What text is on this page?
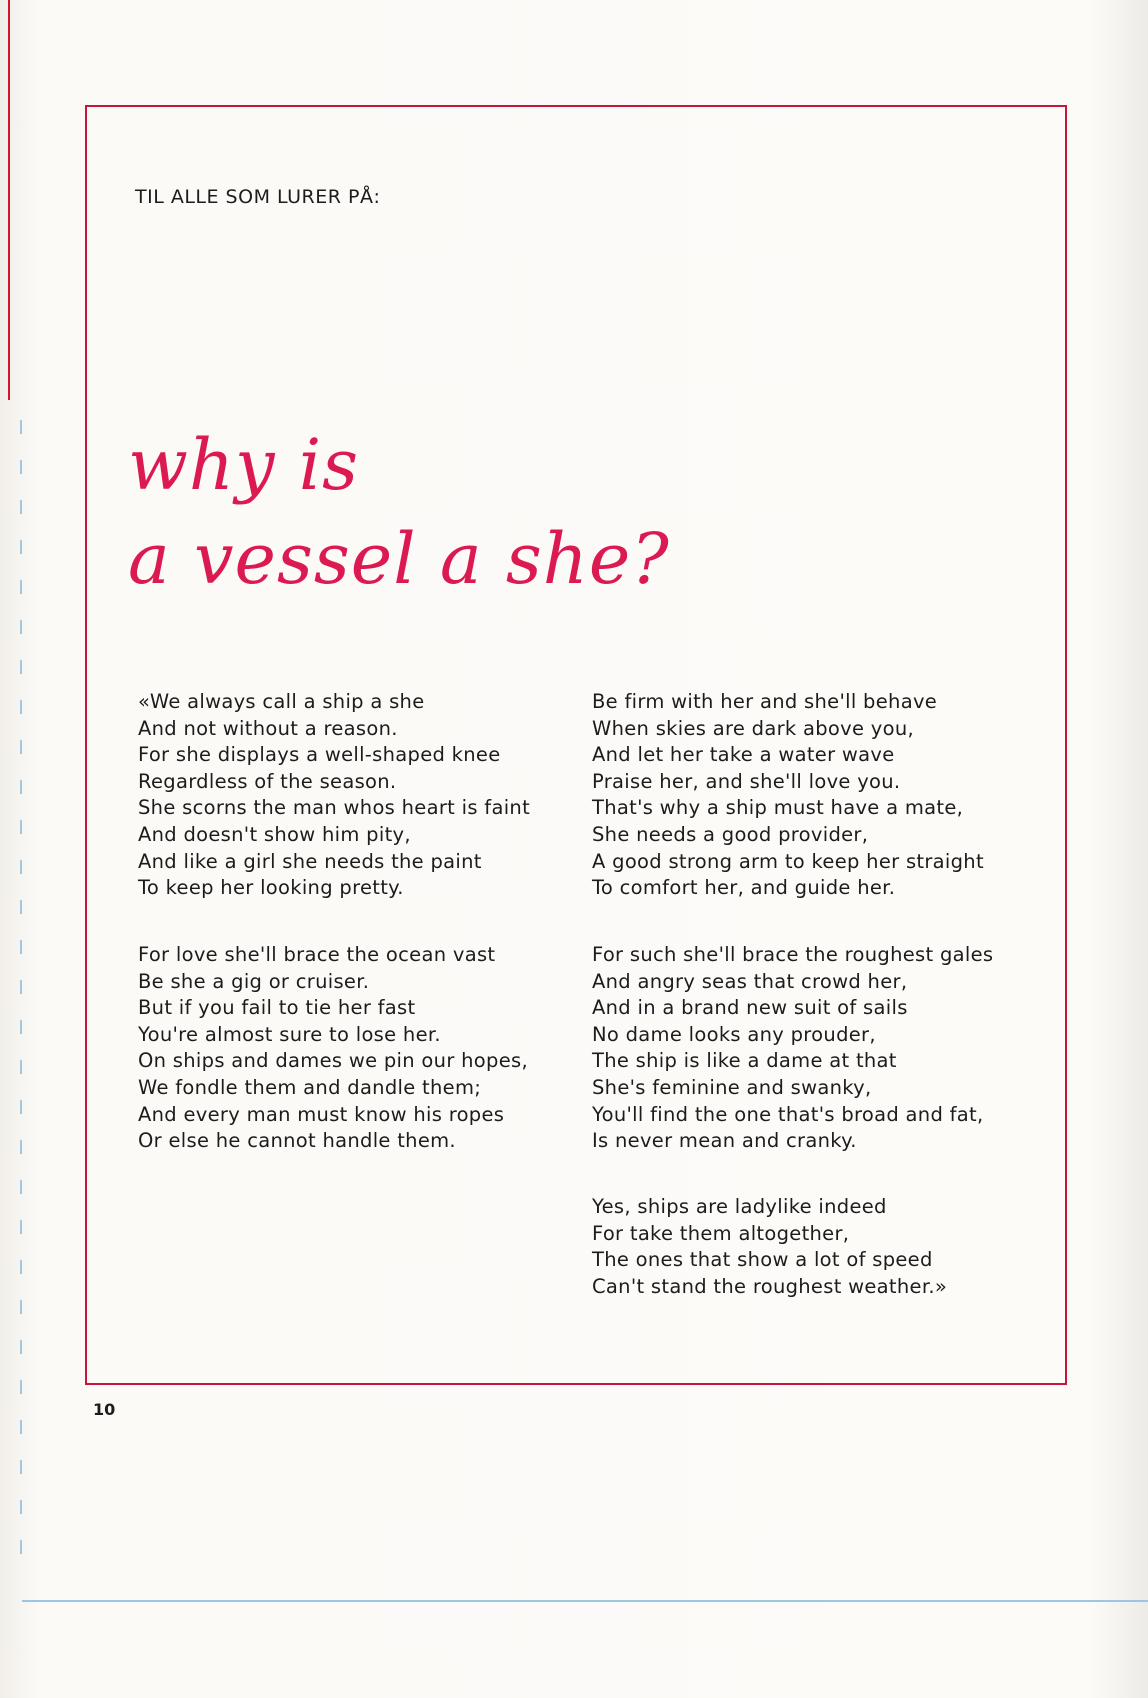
TIL ALLE SOM LURER PÅ:
why is
a vessel a she?
«We always call a ship a she
And not without a reason.
For she displays a well-shaped knee
Regardless of the season.
She scorns the man whos heart is faint
And doesn't show him pity,
And like a girl she needs the paint
To keep her looking pretty.
For love she'll brace the ocean vast
Be she a gig or cruiser.
But if you fail to tie her fast
You're almost sure to lose her.
On ships and dames we pin our hopes,
We fondle them and dandle them;
And every man must know his ropes
Or else he cannot handle them.
Be firm with her and she'll behave
When skies are dark above you,
And let her take a water wave
Praise her, and she'll love you.
That's why a ship must have a mate,
She needs a good provider,
A good strong arm to keep her straight
To comfort her, and guide her.
For such she'll brace the roughest gales
And angry seas that crowd her,
And in a brand new suit of sails
No dame looks any prouder,
The ship is like a dame at that
She's feminine and swanky,
You'll find the one that's broad and fat,
Is never mean and cranky.
Yes, ships are ladylike indeed
For take them altogether,
The ones that show a lot of speed
Can't stand the roughest weather.»
10
